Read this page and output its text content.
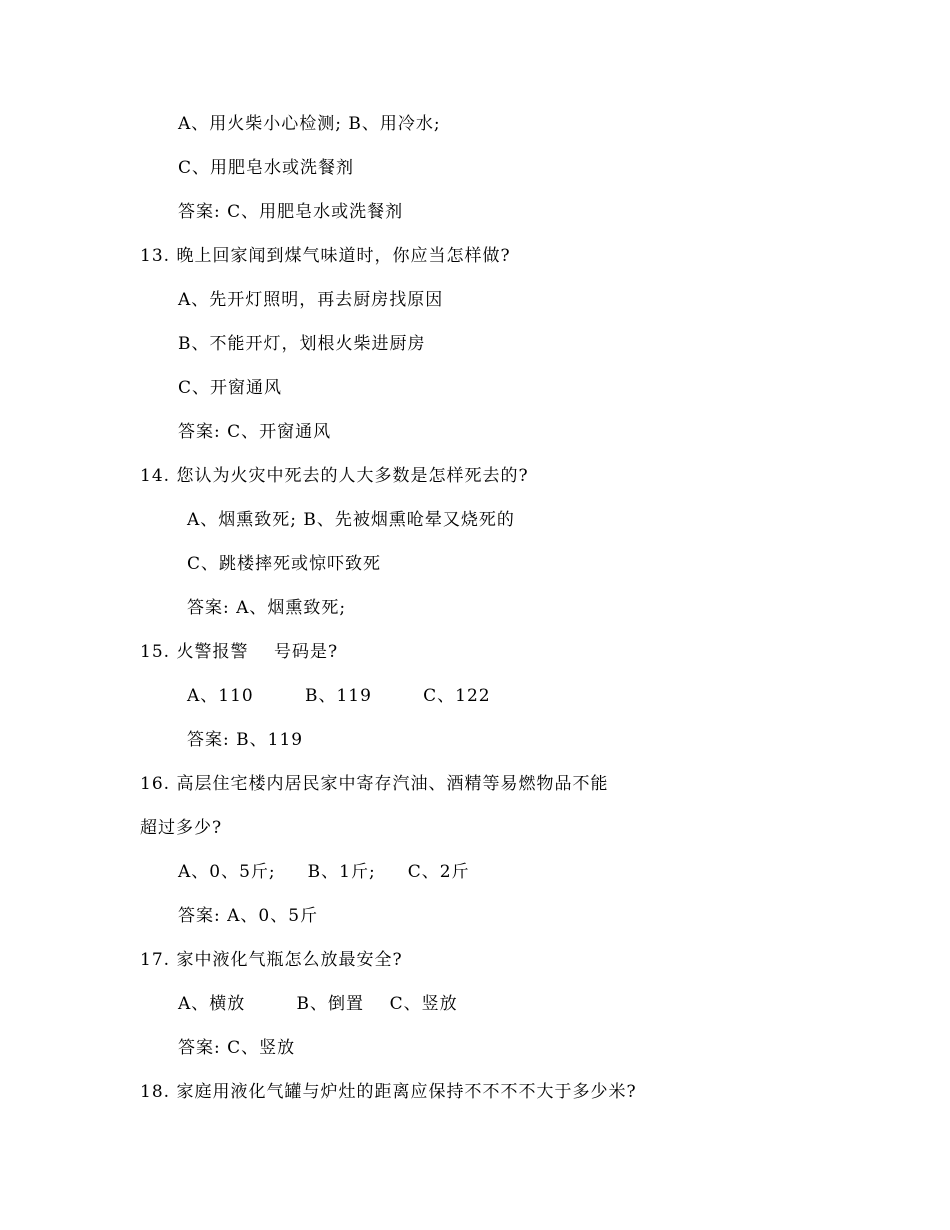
A、用火柴小心检测; B、用冷水;
C、用肥皂水或洗餐剂
答案: C、用肥皂水或洗餐剂
13. 晚上回家闻到煤气味道时，你应当怎样做?
A、先开灯照明，再去厨房找原因
B、不能开灯，划根火柴进厨房
C、开窗通风
答案: C、开窗通风
14. 您认为火灾中死去的人大多数是怎样死去的?
A、烟熏致死; B、先被烟熏呛晕又烧死的
C、跳楼摔死或惊吓致死
答案: A、烟熏致死;
15. 火警报警    号码是?
A、110        B、119        C、122
答案: B、119
16. 高层住宅楼内居民家中寄存汽油、酒精等易燃物品不能
超过多少?
A、0、5斤;     B、1斤;     C、2斤
答案: A、0、5斤
17. 家中液化气瓶怎么放最安全?
A、横放        B、倒置    C、竖放
答案: C、竖放
18. 家庭用液化气罐与炉灶的距离应保持不不不不大于多少米?
